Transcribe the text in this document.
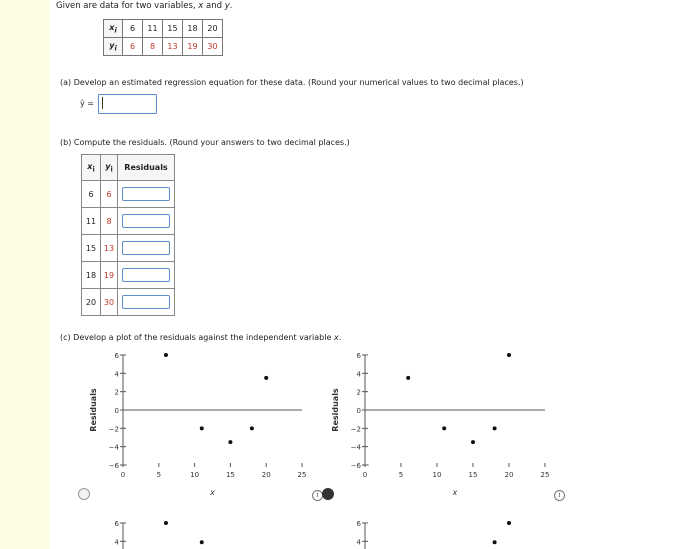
Given are data for two variables, x and y.
$x_i$	6	11	15	18	20
$y_i$	6	8	13	19	30
(a) Develop an estimated regression equation for these data. (Round your numerical values to two decimal places.)
ŷ =
(b) Compute the residuals. (Round your answers to two decimal places.)
$x_i$	$y_i$	Residuals
6	6	
11	8	
15	13	
18	19	
20	30	
(c) Develop a plot of the residuals against the independent variable x.
Residuals
x
−6
−4
−2
0
2
4
6
0	5	10	15	20	25
Residuals
x
−6
−4
−2
0
2
4
6
0	5	10	15	20	25
4
6
4
6
i	i
